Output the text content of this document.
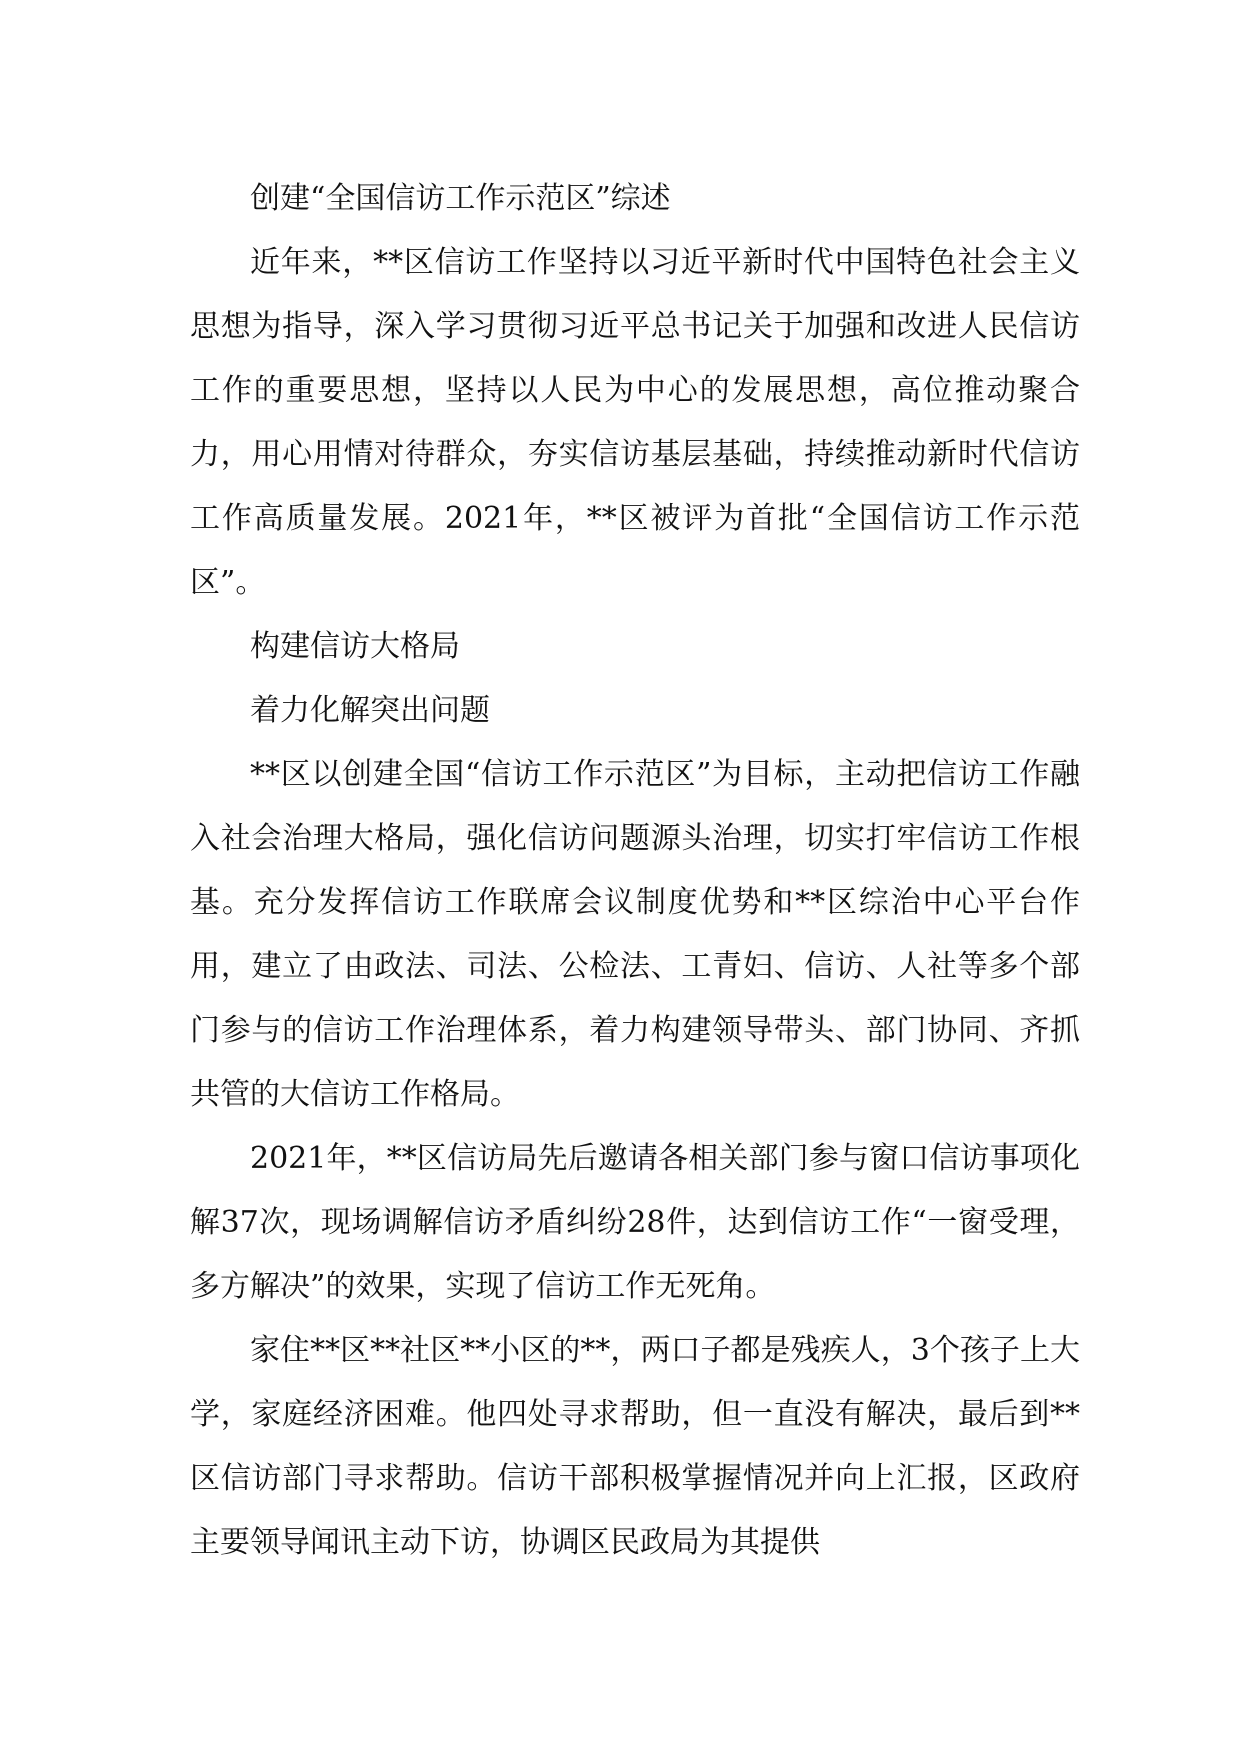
创建“全国信访工作示范区”综述

近年来，**区信访工作坚持以习近平新时代中国特色社会主义思想为指导，深入学习贯彻习近平总书记关于加强和改进人民信访工作的重要思想，坚持以人民为中心的发展思想，高位推动聚合力，用心用情对待群众，夯实信访基层基础，持续推动新时代信访工作高质量发展。2021年，**区被评为首批“全国信访工作示范区”。

构建信访大格局

着力化解突出问题

**区以创建全国“信访工作示范区”为目标，主动把信访工作融入社会治理大格局，强化信访问题源头治理，切实打牢信访工作根基。充分发挥信访工作联席会议制度优势和**区综治中心平台作用，建立了由政法、司法、公检法、工青妇、信访、人社等多个部门参与的信访工作治理体系，着力构建领导带头、部门协同、齐抓共管的大信访工作格局。

2021年，**区信访局先后邀请各相关部门参与窗口信访事项化解37次，现场调解信访矛盾纠纷28件，达到信访工作“一窗受理，多方解决”的效果，实现了信访工作无死角。

家住**区**社区**小区的**，两口子都是残疾人，3个孩子上大学，家庭经济困难。他四处寻求帮助，但一直没有解决，最后到**区信访部门寻求帮助。信访干部积极掌握情况并向上汇报，区政府主要领导闻讯主动下访，协调区民政局为其提供
